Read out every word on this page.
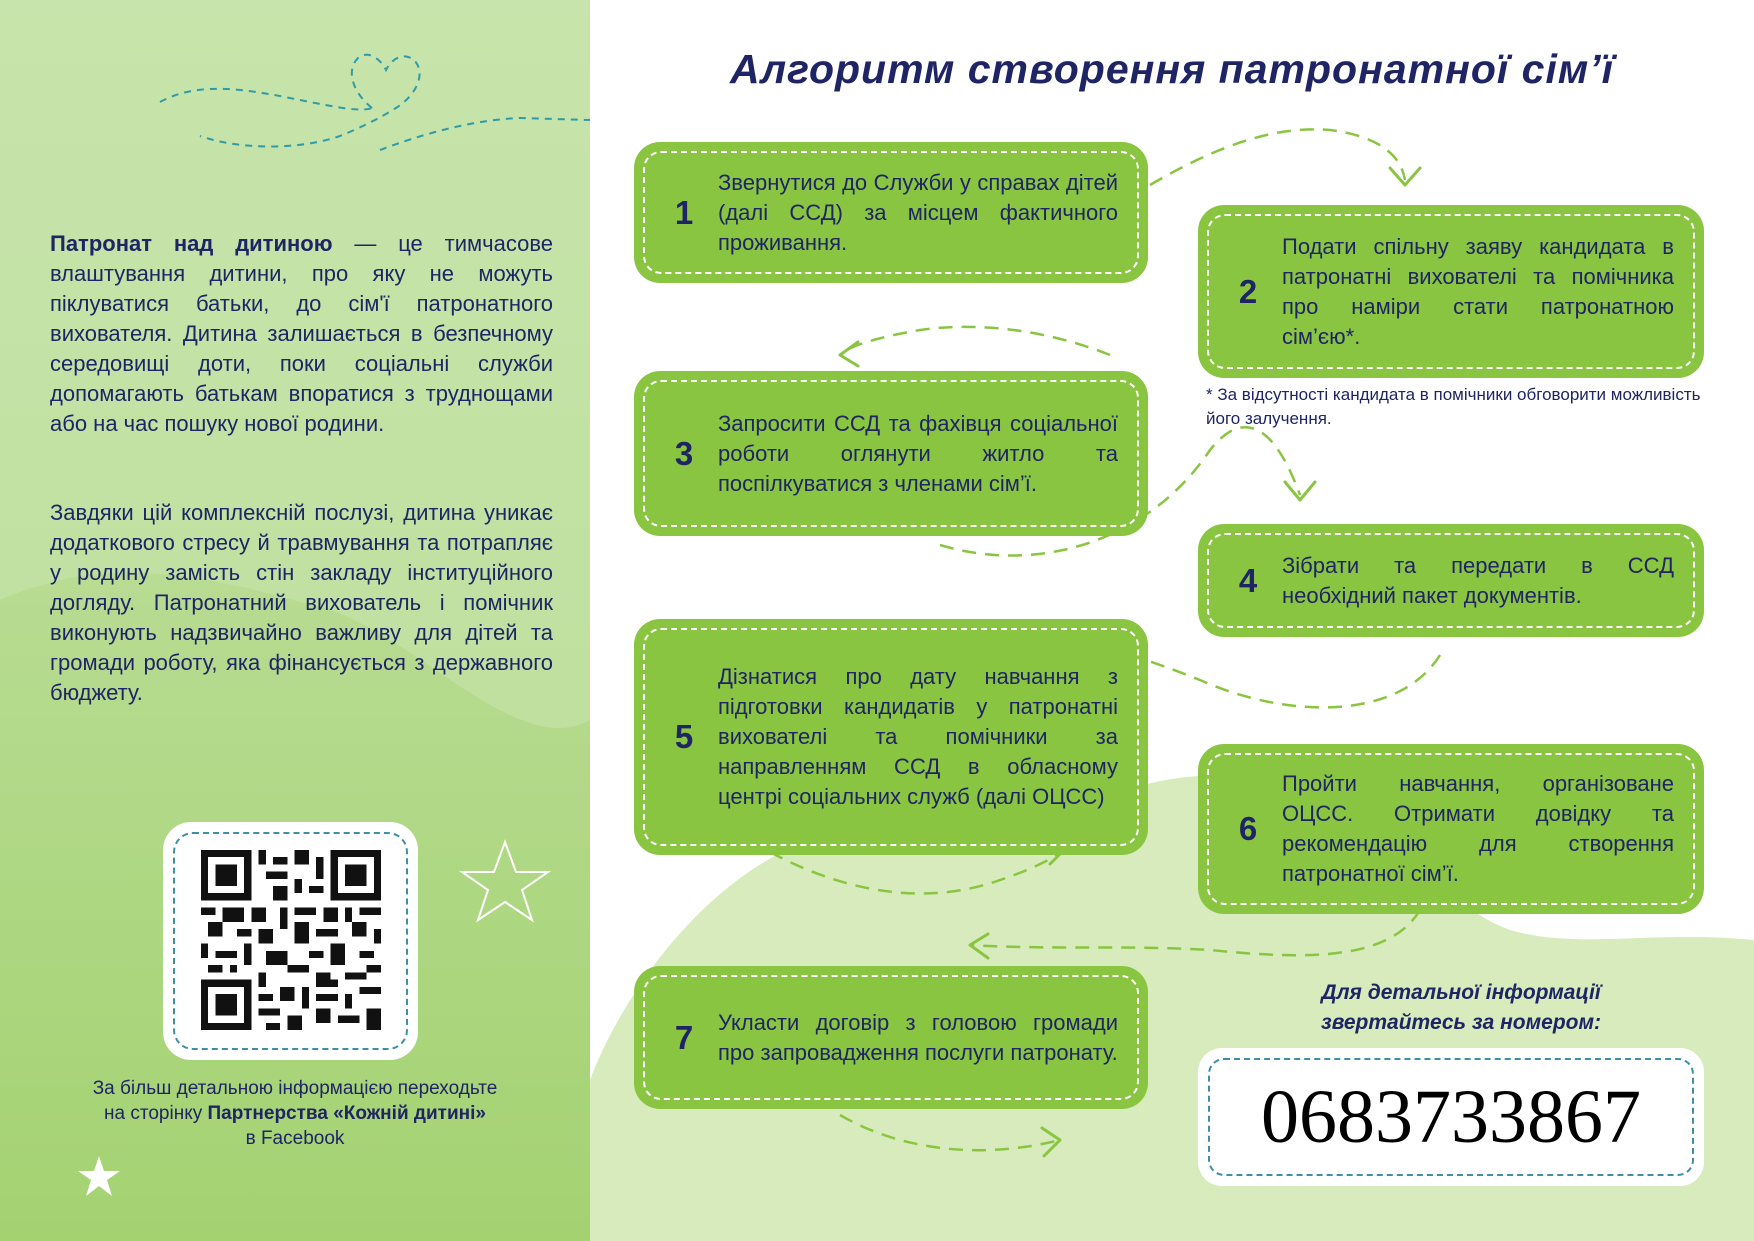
Патронат над дитиною — це тимчасове влаштування дитини, про яку не можуть піклуватися батьки, до сім'ї патронатного вихователя. Дитина залишається в безпечному середовищі доти, поки соціальні служби допомагають батькам впоратися з труднощами або на час пошуку нової родини.

Завдяки цій комплексній послузі, дитина уникає додаткового стресу й травмування та потрапляє у родину замість стін закладу інституційного догляду. Патронатний вихователь і помічник виконують надзвичайно важливу для дітей та громади роботу, яка фінансується з державного бюджету.

За більш детальною інформацією переходьте
на сторінку Партнерства «Кожній дитині»
в Facebook
Алгоритм створення патронатної сім’ї
1
Звернутися до Служби у справах дітей (далі ССД) за місцем фактичного проживання.
2
Подати спільну заяву кандидата в патронатні вихователі та помічника про наміри стати патронатною сім’єю*.
* За відсутності кандидата в помічники обговорити можливість його залучення.
3
Запросити ССД та фахівця соціальної роботи оглянути житло та поспілкуватися з членами сім’ї.
4	Зібрати та передати в ССД необхідний пакет документів.
5
Дізнатися про дату навчання з підготовки кандидатів у патронатні вихователі та помічники за направленням ССД в обласному центрі соціальних служб (далі ОЦСС)
6
Пройти навчання, організоване ОЦСС. Отримати довідку та рекомендацію для створення патронатної сім’ї.
7	Укласти договір з головою громади про запровадження послуги патронату.
Для детальної інформації
звертайтесь за номером:
0683733867
